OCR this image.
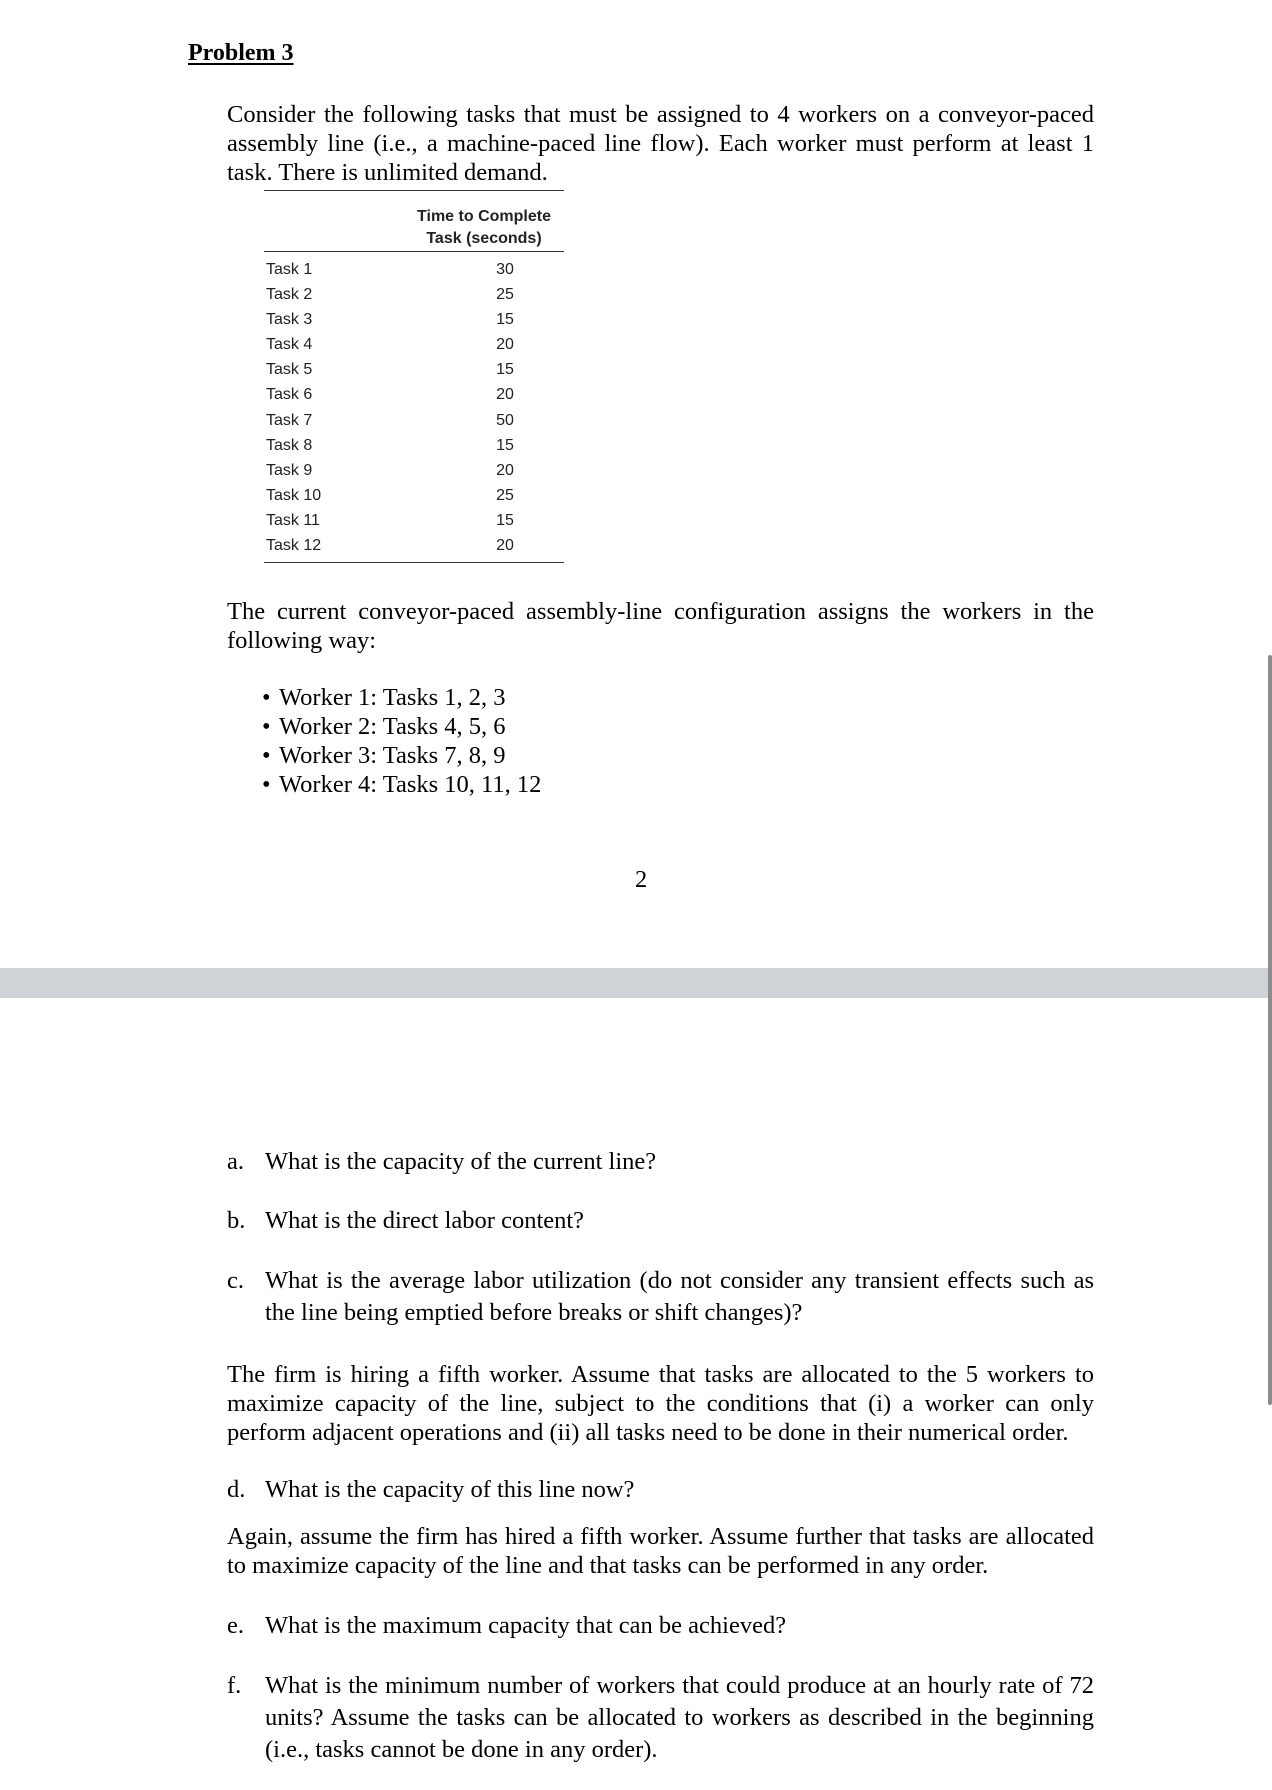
Problem 3

Consider the following tasks that must be assigned to 4 workers on a conveyor-paced assembly line (i.e., a machine-paced line flow). Each worker must perform at least 1 task. There is unlimited demand.

Time to Complete
Task (seconds)
Task 1	30
Task 2	25
Task 3	15
Task 4	20
Task 5	15
Task 6	20
Task 7	50
Task 8	15
Task 9	20
Task 10	25
Task 11	15
Task 12	20

The current conveyor-paced assembly-line configuration assigns the workers in the following way:

• Worker 1: Tasks 1, 2, 3
• Worker 2: Tasks 4, 5, 6
• Worker 3: Tasks 7, 8, 9
• Worker 4: Tasks 10, 11, 12
2
a. What is the capacity of the current line?
b. What is the direct labor content?
c. What is the average labor utilization (do not consider any transient effects such as the line being emptied before breaks or shift changes)?

The firm is hiring a fifth worker. Assume that tasks are allocated to the 5 workers to maximize capacity of the line, subject to the conditions that (i) a worker can only perform adjacent operations and (ii) all tasks need to be done in their numerical order.

d. What is the capacity of this line now?

Again, assume the firm has hired a fifth worker. Assume further that tasks are allocated to maximize capacity of the line and that tasks can be performed in any order.

e. What is the maximum capacity that can be achieved?
f. What is the minimum number of workers that could produce at an hourly rate of 72 units? Assume the tasks can be allocated to workers as described in the beginning (i.e., tasks cannot be done in any order).
